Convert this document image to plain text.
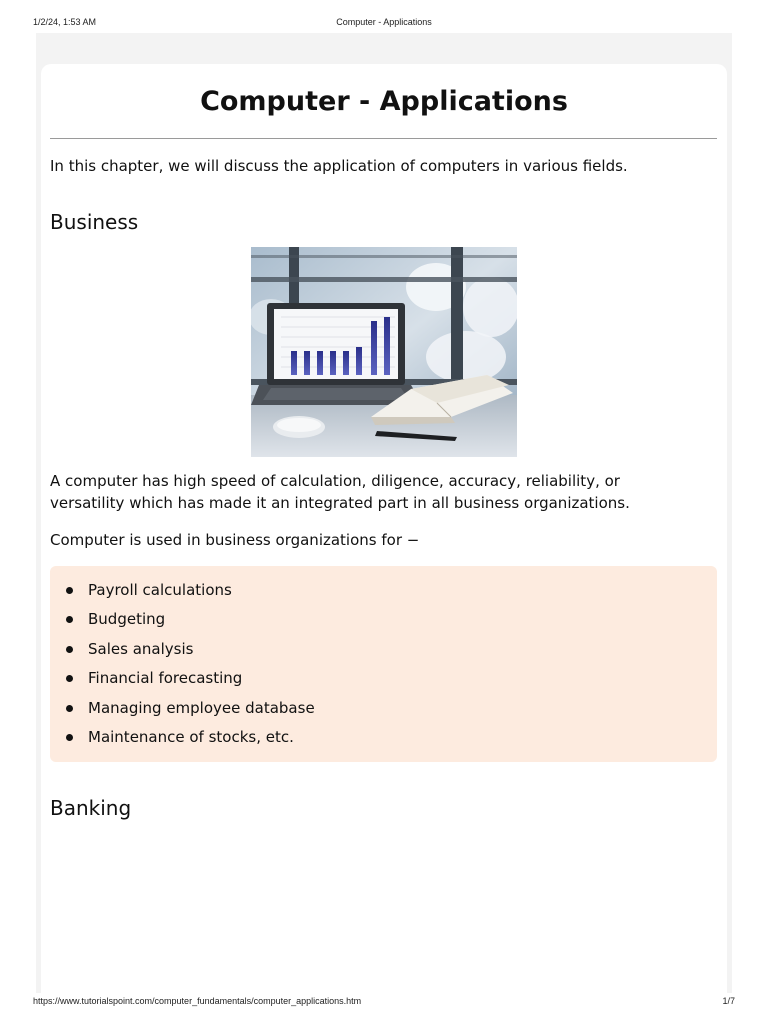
1/2/24, 1:53 AM	Computer - Applications
Computer - Applications

In this chapter, we will discuss the application of computers in various fields.

Business

A computer has high speed of calculation, diligence, accuracy, reliability, or

versatility which has made it an integrated part in all business organizations.

Computer is used in business organizations for −

Payroll calculations
Budgeting
Sales analysis
Financial forecasting
Managing employee database
Maintenance of stocks, etc.
Banking
https://www.tutorialspoint.com/computer_fundamentals/computer_applications.htm	1/7
